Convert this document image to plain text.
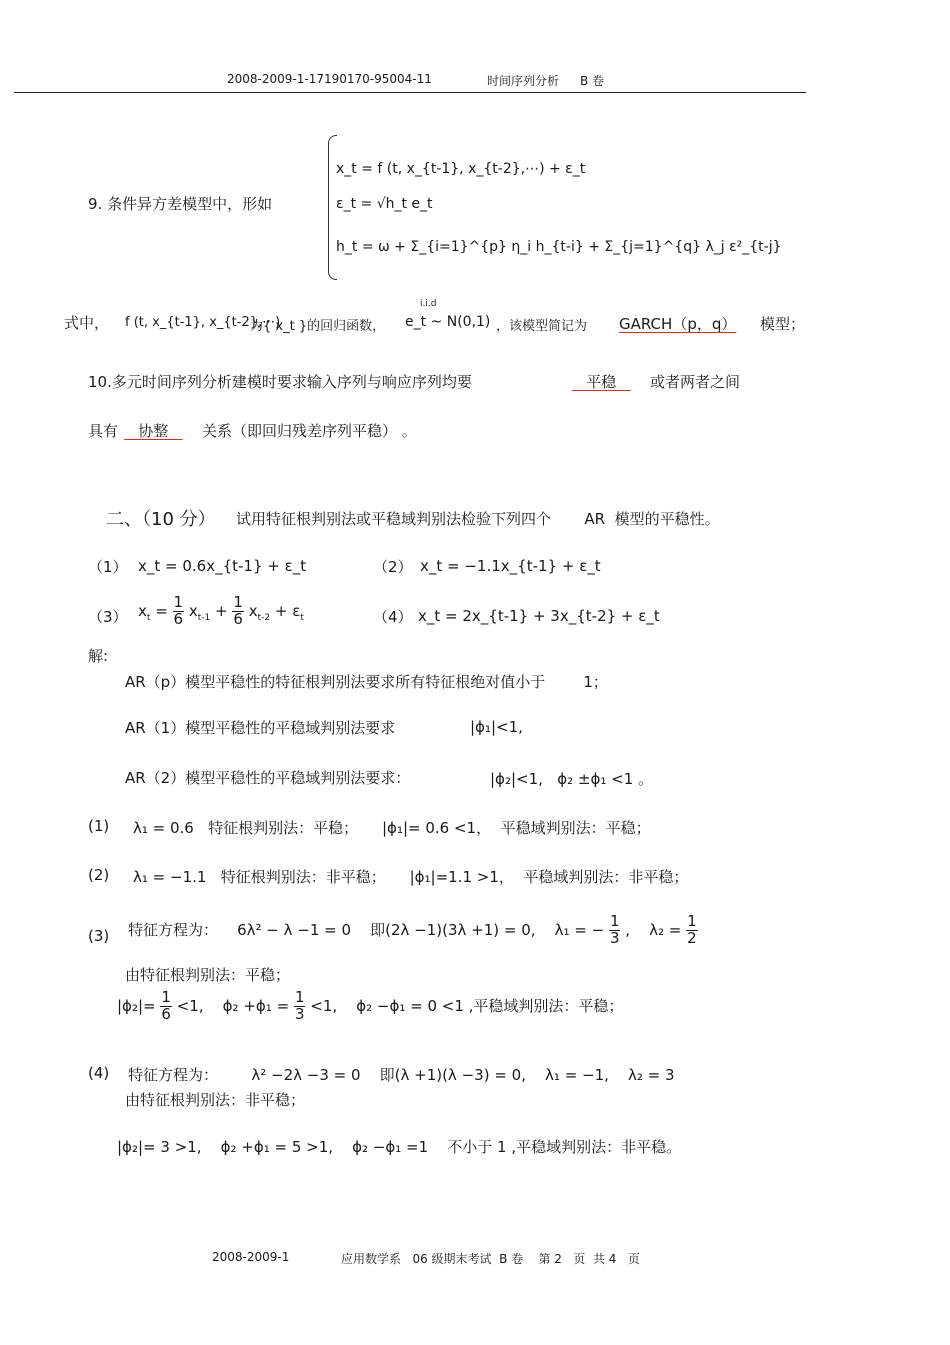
2008-2009-1-17190170-95004-11	时间序列分析 B 卷
9. 条件异方差模型中，形如
x_t = f (t, x_{t-1}, x_{t-2},⋯) + ε_t
ε_t = √h_t e_t
h_t = ω + Σ_{i=1}^{p} η_i h_{t-i} + Σ_{j=1}^{q} λ_j ε²_{t-j}
式中， f (t, x_{t-1}, x_{t-2},⋯)
为{ x_t }的回归函数，
i.i.d
e_t ~ N(0,1) ，该模型简记为 GARCH（p，q） 模型；
10.多元时间序列分析建模时要求输入序列与响应序列均要	平稳 或者两者之间
具有 协整 关系（即回归残差序列平稳） 。
二、（10 分） 试用特征根判别法或平稳域判别法检验下列四个       AR  模型的平稳性。
（1） x_t = 0.6x_{t-1} + ε_t	（2） x_t = −1.1x_{t-1} + ε_t
（3） $x_t = \frac{1}{6} x_{t-1} + \frac{1}{6} x_{t-2} + \varepsilon_t$	（4） x_t = 2x_{t-1} + 3x_{t-2} + ε_t
解:
AR（p）模型平稳性的特征根判别法要求所有特征根绝对值小于        1；
AR（1）模型平稳性的平稳域判别法要求	|ϕ₁|<1,
AR（2）模型平稳性的平稳域判别法要求：	|ϕ₂|<1,   ϕ₂ ±ϕ₁ <1 。
(1) λ₁ = 0.6   特征根判别法：平稳；     |ϕ₁|= 0.6 <1，  平稳域判别法：平稳；
(2) λ₁ = −1.1   特征根判别法：非平稳；     |ϕ₁|=1.1 >1，  平稳域判别法：非平稳；
(3) 特征方程为：    6λ² − λ −1 = 0    即(2λ −1)(3λ +1) = 0,    λ₁ = − $\frac{1}{3}$ ,    $\lambda_2 = \frac{1}{2}$
由特征根判别法：平稳；
$|\phi_2|= \frac{1}{6} <1$,    $\phi_2 +\phi_1 = \frac{1}{3} <1$,    ϕ₂ −ϕ₁ = 0 <1 ,平稳域判别法：平稳；
(4) 特征方程为：       λ² −2λ −3 = 0    即(λ +1)(λ −3) = 0,    λ₁ = −1,    λ₂ = 3
由特征根判别法：非平稳；
|ϕ₂|= 3 >1,    ϕ₂ +ϕ₁ = 5 >1,    ϕ₂ −ϕ₁ =1    不小于 1 ,平稳域判别法：非平稳。
2008-2009-1	应用数学系   06 级期末考试  B 卷    第 2   页  共 4   页
